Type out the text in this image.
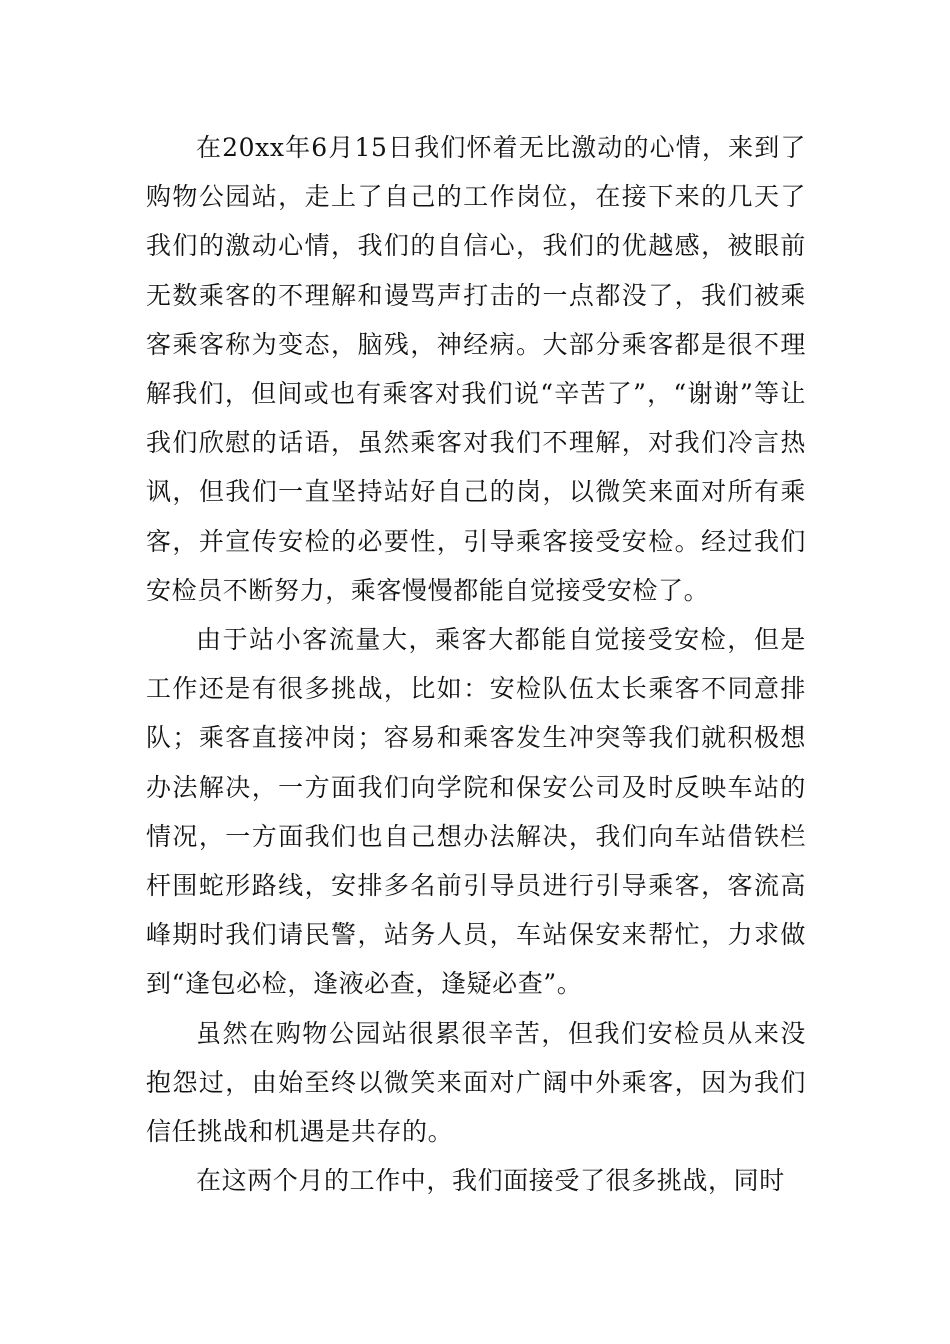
在20xx年6月15日我们怀着无比激动的心情，来到了购物公园站，走上了自己的工作岗位，在接下来的几天了我们的激动心情，我们的自信心，我们的优越感，被眼前无数乘客的不理解和谩骂声打击的一点都没了，我们被乘客乘客称为变态，脑残，神经病。大部分乘客都是很不理解我们，但间或也有乘客对我们说“辛苦了”，“谢谢”等让我们欣慰的话语，虽然乘客对我们不理解，对我们冷言热讽，但我们一直坚持站好自己的岗，以微笑来面对所有乘客，并宣传安检的必要性，引导乘客接受安检。经过我们安检员不断努力，乘客慢慢都能自觉接受安检了。

由于站小客流量大，乘客大都能自觉接受安检，但是工作还是有很多挑战，比如：安检队伍太长乘客不同意排队；乘客直接冲岗；容易和乘客发生冲突等我们就积极想办法解决，一方面我们向学院和保安公司及时反映车站的情况，一方面我们也自己想办法解决，我们向车站借铁栏杆围蛇形路线，安排多名前引导员进行引导乘客，客流高峰期时我们请民警，站务人员，车站保安来帮忙，力求做到“逢包必检，逢液必查，逢疑必查”。

虽然在购物公园站很累很辛苦，但我们安检员从来没抱怨过，由始至终以微笑来面对广阔中外乘客，因为我们信任挑战和机遇是共存的。

在这两个月的工作中，我们面接受了很多挑战，同时
